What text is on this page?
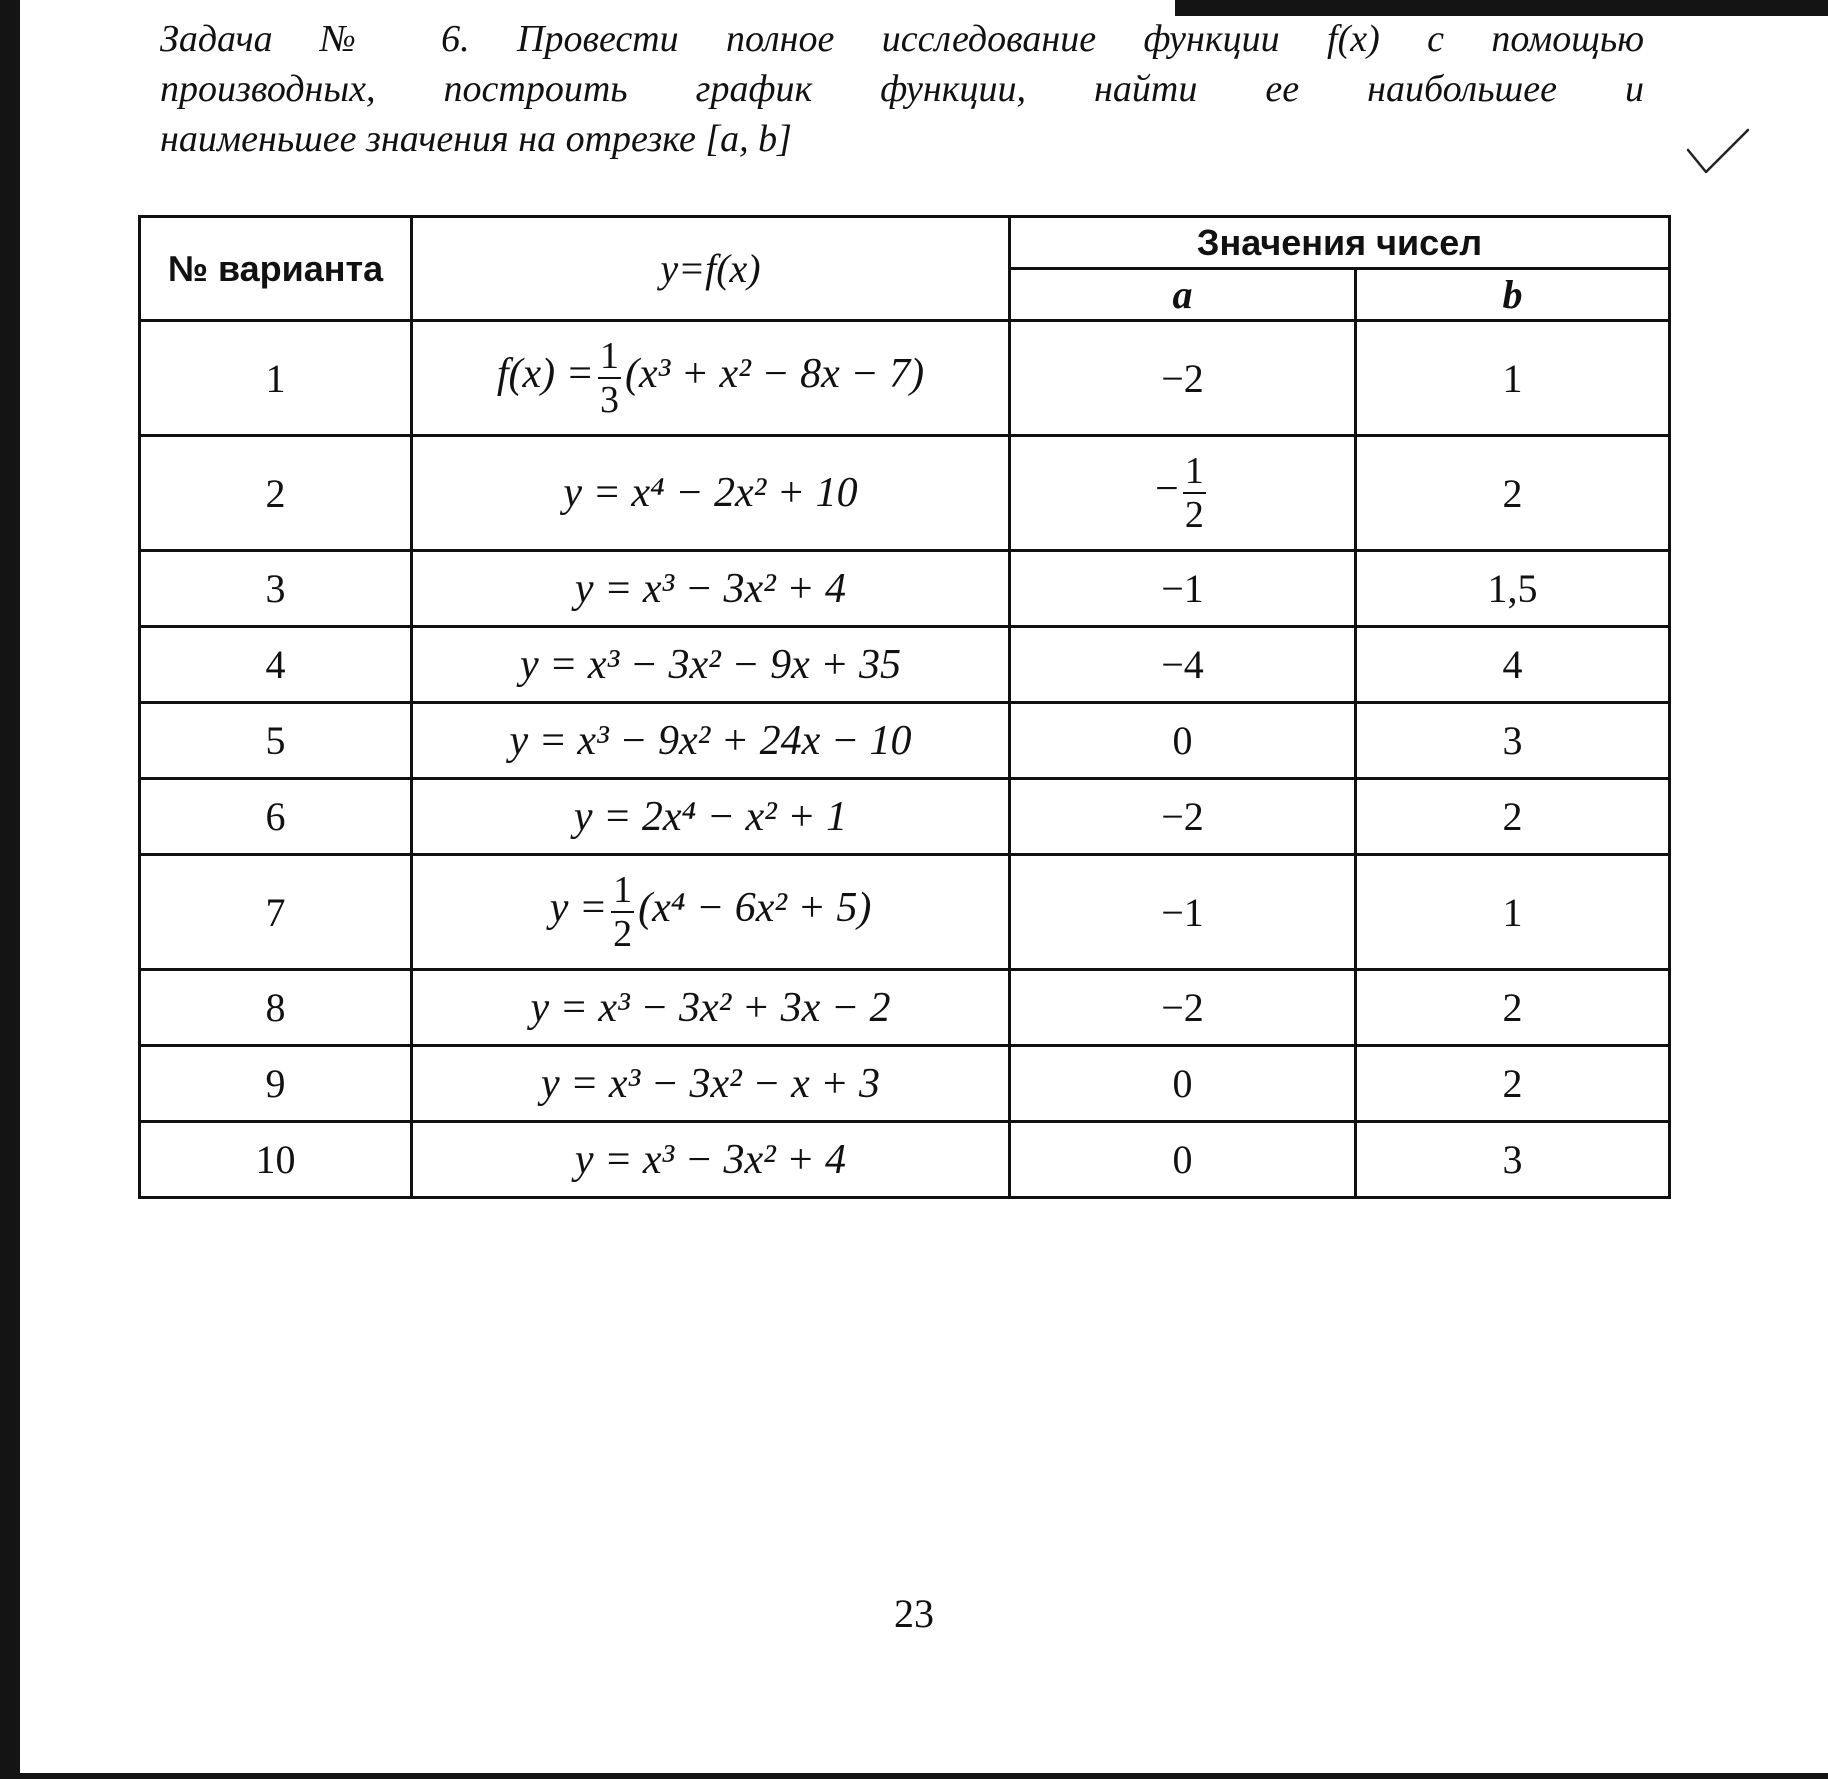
Задача № 6. Провести полное исследование функции f(x) с помощью
производных, построить график функции, найти ее наибольшее и
наименьшее значения на отрезке [a, b]
№ варианта	y=f(x)	Значения чисел	
		a	b
1	$f(x) = \frac{1}{3} (x^3 + x^2 - 8x - 7)$	−2	1
2	y = x⁴ − 2x² + 10	− $\frac{1}{2}$	2
3	y = x³ − 3x² + 4	−1	1,5
4	y = x³ − 3x² − 9x + 35	−4	4
5	y = x³ − 9x² + 24x − 10	0	3
6	y = 2x⁴ − x² + 1	−2	2
7	$y = \frac{1}{2} (x^4 - 6x^2 + 5)$	−1	1
8	y = x³ − 3x² + 3x − 2	−2	2
9	y = x³ − 3x² − x + 3	0	2
10	y = x³ − 3x² + 4	0	3
23
